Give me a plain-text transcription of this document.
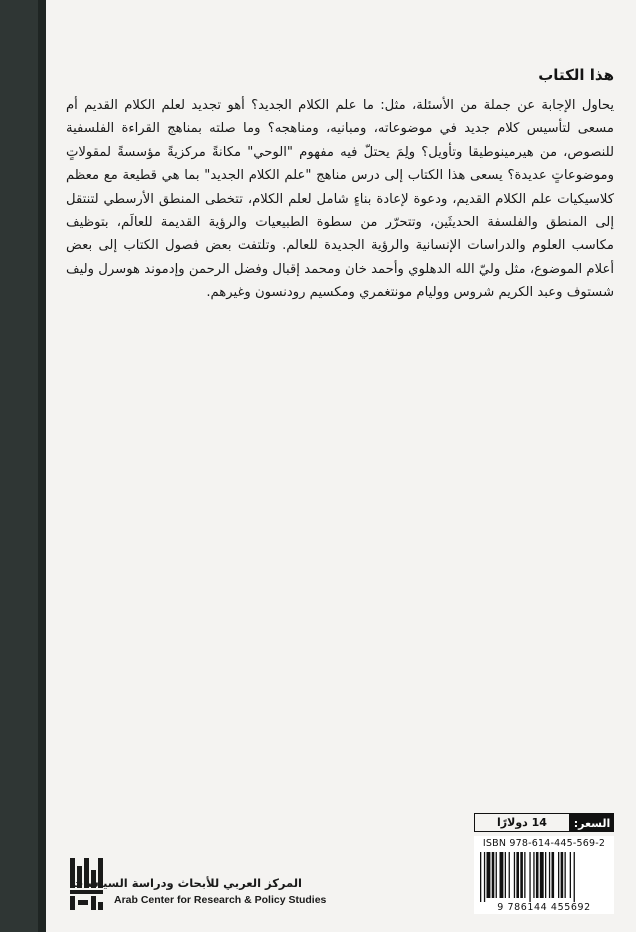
هذا الكتاب

يحاول الإجابة عن جملة من الأسئلة، مثل: ما علم الكلام الجديد؟ أهو تجديد لعلم الكلام القديم أم مسعى لتأسيس كلام جديد في موضوعاته، ومبانيه، ومناهجه؟ وما صلته بمناهج القراءة الفلسفية للنصوص، من هيرمينوطيقا وتأويل؟ ولِمَ يحتلّ فيه مفهوم "الوحي" مكانةً مركزيةً مؤسسةً لمقولاتٍ وموضوعاتٍ عديدة؟ يسعى هذا الكتاب إلى درس مناهج "علم الكلام الجديد" بما هي قطيعة مع معظم كلاسيكيات علم الكلام القديم، ودعوة لإعادة بناءٍ شامل لعلم الكلام، تتخطى المنطق الأرسطي لتنتقل إلى المنطق والفلسفة الحديثَين، وتتحرّر من سطوة الطبيعيات والرؤية القديمة للعالَم، بتوظيف مكاسب العلوم والدراسات الإنسانية والرؤية الجديدة للعالم. وتلتفت بعض فصول الكتاب إلى بعض أعلام الموضوع، مثل وليّ الله الدهلوي وأحمد خان ومحمد إقبال وفضل الرحمن وإدموند هوسرل وليف شستوف وعبد الكريم شروس ووليام مونتغمري ومكسيم رودنسون وغيرهم.

السعر:
14 دولارًا
ISBN 978-614-445-569-2
9 786144 455692
المركز العربي للأبحاث ودراسة السياسات
Arab Center for Research & Policy Studies
